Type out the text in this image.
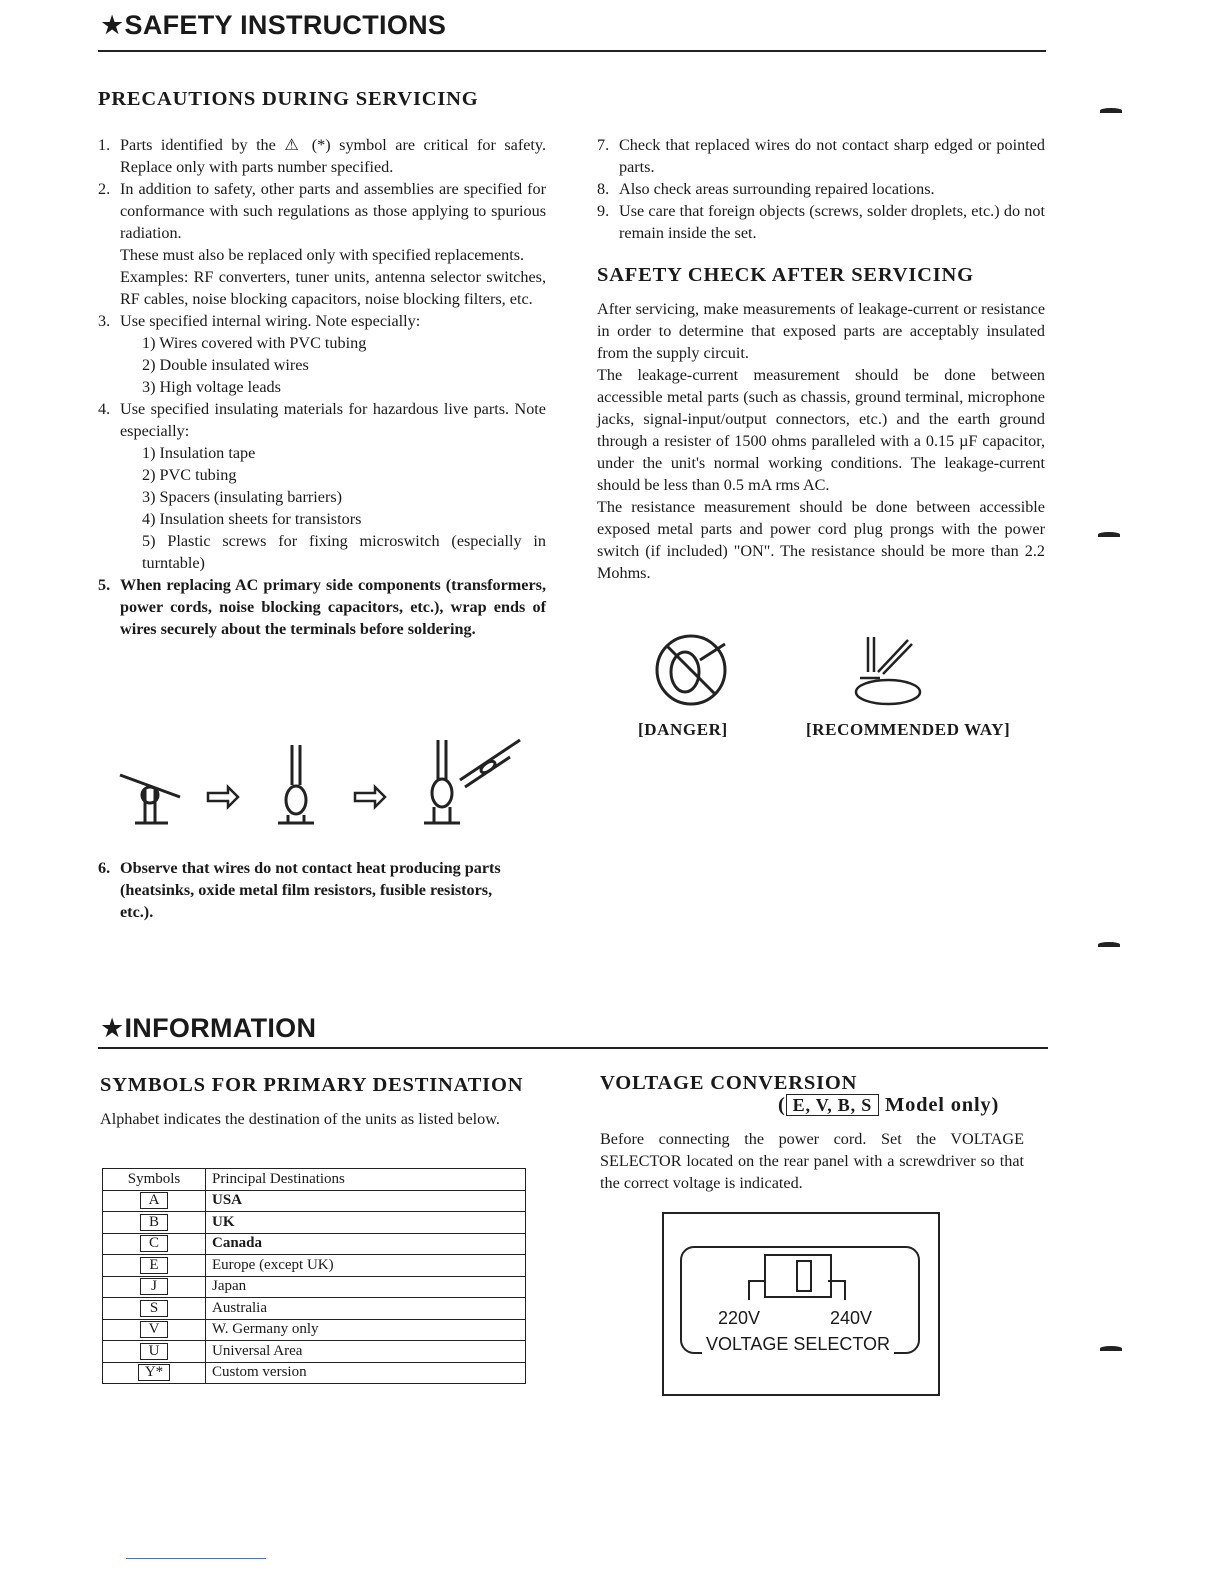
★SAFETY INSTRUCTIONS
PRECAUTIONS DURING SERVICING
1. Parts identified by the ⚠ (*) symbol are critical for safety. Replace only with parts number specified.
2. In addition to safety, other parts and assemblies are specified for conformance with such regulations as those applying to spurious radiation.
These must also be replaced only with specified replacements.
Examples: RF converters, tuner units, antenna selector switches, RF cables, noise blocking capacitors, noise blocking filters, etc.
3. Use specified internal wiring. Note especially:
1) Wires covered with PVC tubing
2) Double insulated wires
3) High voltage leads
4. Use specified insulating materials for hazardous live parts. Note especially:
1) Insulation tape
2) PVC tubing
3) Spacers (insulating barriers)
4) Insulation sheets for transistors
5) Plastic screws for fixing microswitch (especially in turntable)
5. When replacing AC primary side components (transformers, power cords, noise blocking capacitors, etc.), wrap ends of wires securely about the terminals before soldering.
6. Observe that wires do not contact heat producing parts (heatsinks, oxide metal film resistors, fusible resistors, etc.).
7. Check that replaced wires do not contact sharp edged or pointed parts.
8. Also check areas surrounding repaired locations.
9. Use care that foreign objects (screws, solder droplets, etc.) do not remain inside the set.
SAFETY CHECK AFTER SERVICING
After servicing, make measurements of leakage-current or resistance in order to determine that exposed parts are acceptably insulated from the supply circuit.
The leakage-current measurement should be done between accessible metal parts (such as chassis, ground terminal, microphone jacks, signal-input/output connectors, etc.) and the earth ground through a resister of 1500 ohms paralleled with a 0.15 µF capacitor, under the unit's normal working conditions. The leakage-current should be less than 0.5 mA rms AC.
The resistance measurement should be done between accessible exposed metal parts and power cord plug prongs with the power switch (if included) "ON". The resistance should be more than 2.2 Mohms.
[DANGER]	[RECOMMENDED WAY]
★INFORMATION
SYMBOLS FOR PRIMARY DESTINATION
Alphabet indicates the destination of the units as listed below.
Symbols	Principal Destinations
A	USA
B	UK
C	Canada
E	Europe (except UK)
J	Japan
S	Australia
V	W. Germany only
U	Universal Area
Y*	Custom version
VOLTAGE CONVERSION
( E, V, B, S Model only)
Before connecting the power cord. Set the VOLTAGE SELECTOR located on the rear panel with a screwdriver so that the correct voltage is indicated.
220V	240V
VOLTAGE SELECTOR
